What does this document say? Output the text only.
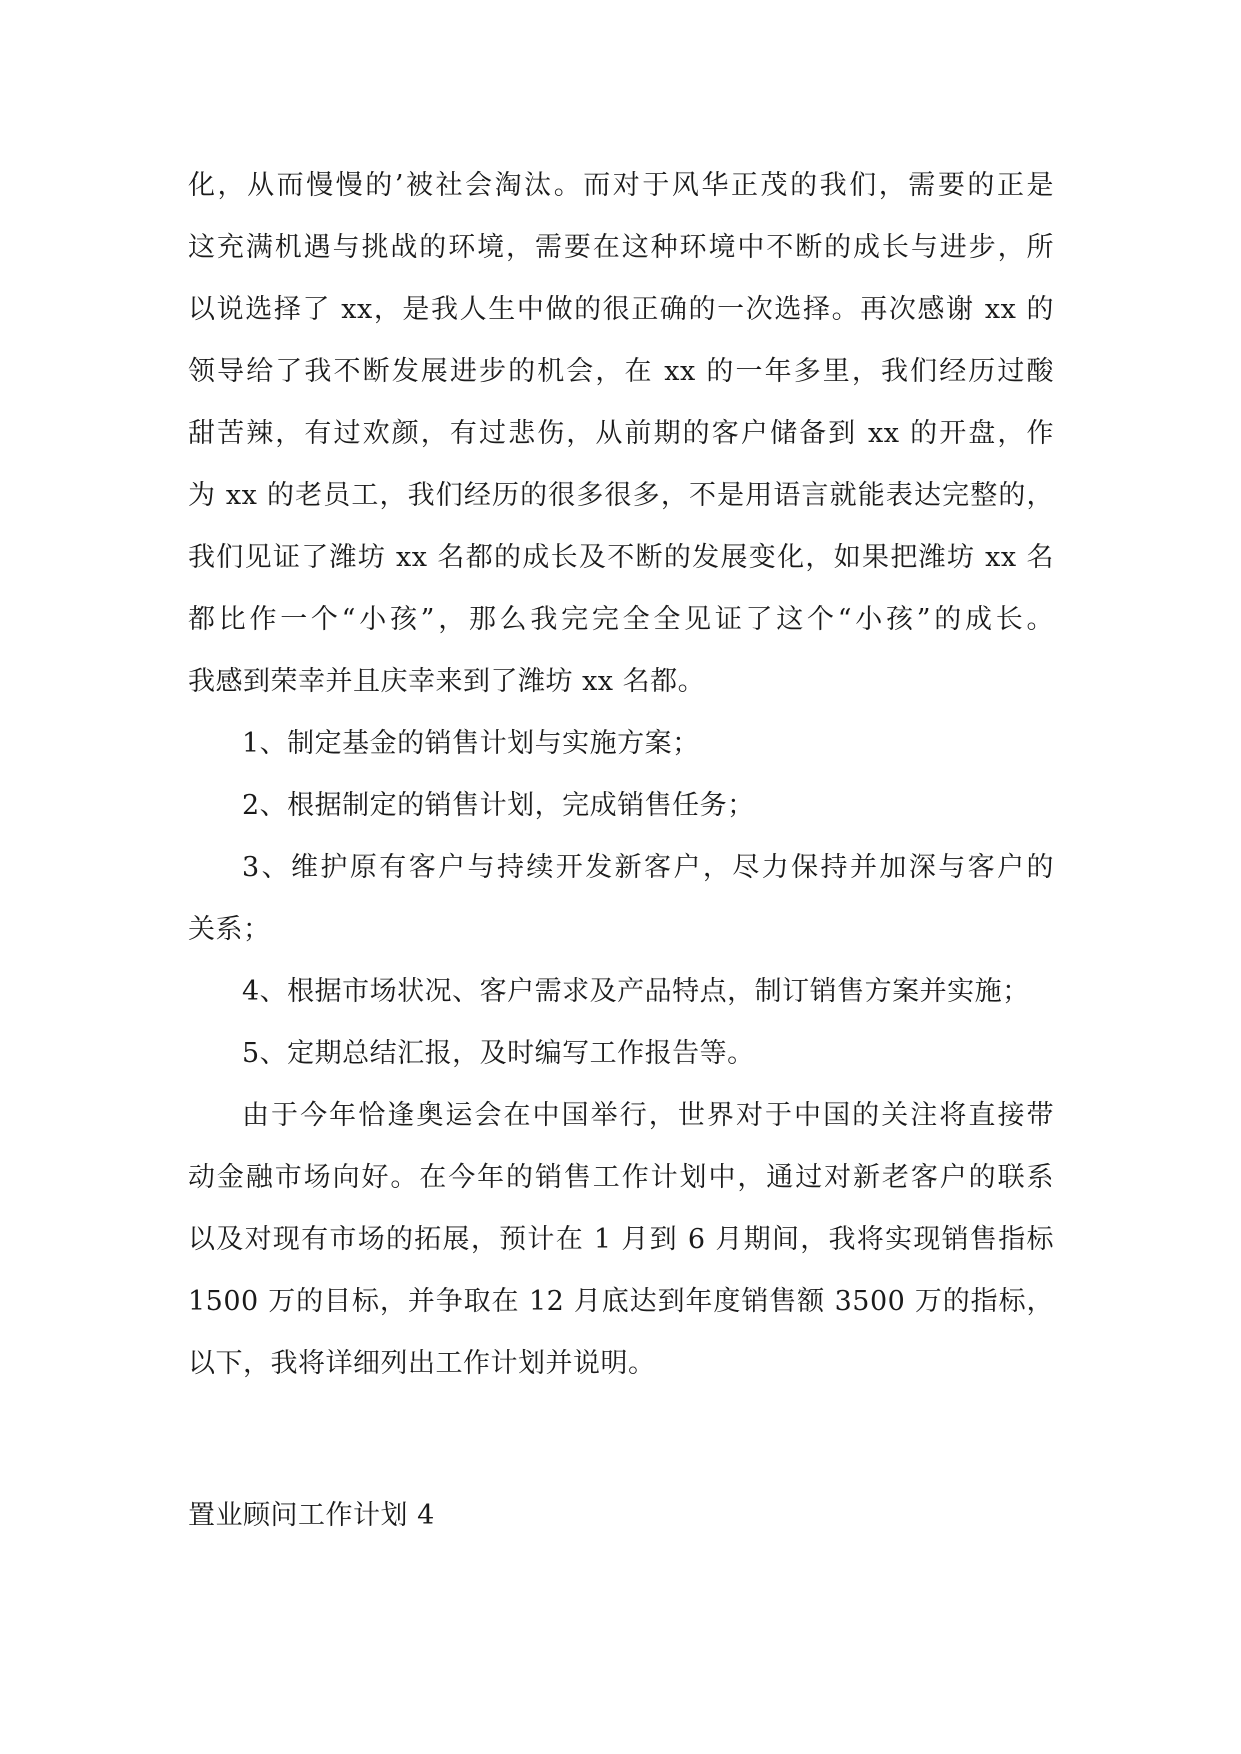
化，从而慢慢的’被社会淘汰。而对于风华正茂的我们，需要的正是
这充满机遇与挑战的环境，需要在这种环境中不断的成长与进步，所
以说选择了 xx，是我人生中做的很正确的一次选择。再次感谢 xx 的
领导给了我不断发展进步的机会，在 xx 的一年多里，我们经历过酸
甜苦辣，有过欢颜，有过悲伤，从前期的客户储备到 xx 的开盘，作
为 xx 的老员工，我们经历的很多很多，不是用语言就能表达完整的，
我们见证了潍坊 xx 名都的成长及不断的发展变化，如果把潍坊 xx 名
都比作一个“小孩”，那么我完完全全见证了这个“小孩”的成长。
我感到荣幸并且庆幸来到了潍坊 xx 名都。
1、制定基金的销售计划与实施方案；
2、根据制定的销售计划，完成销售任务；
3、维护原有客户与持续开发新客户，尽力保持并加深与客户的
关系；
4、根据市场状况、客户需求及产品特点，制订销售方案并实施；
5、定期总结汇报，及时编写工作报告等。
由于今年恰逢奥运会在中国举行，世界对于中国的关注将直接带
动金融市场向好。在今年的销售工作计划中，通过对新老客户的联系
以及对现有市场的拓展，预计在 1 月到 6 月期间，我将实现销售指标
1500 万的目标，并争取在 12 月底达到年度销售额 3500 万的指标，
以下，我将详细列出工作计划并说明。
置业顾问工作计划 4
